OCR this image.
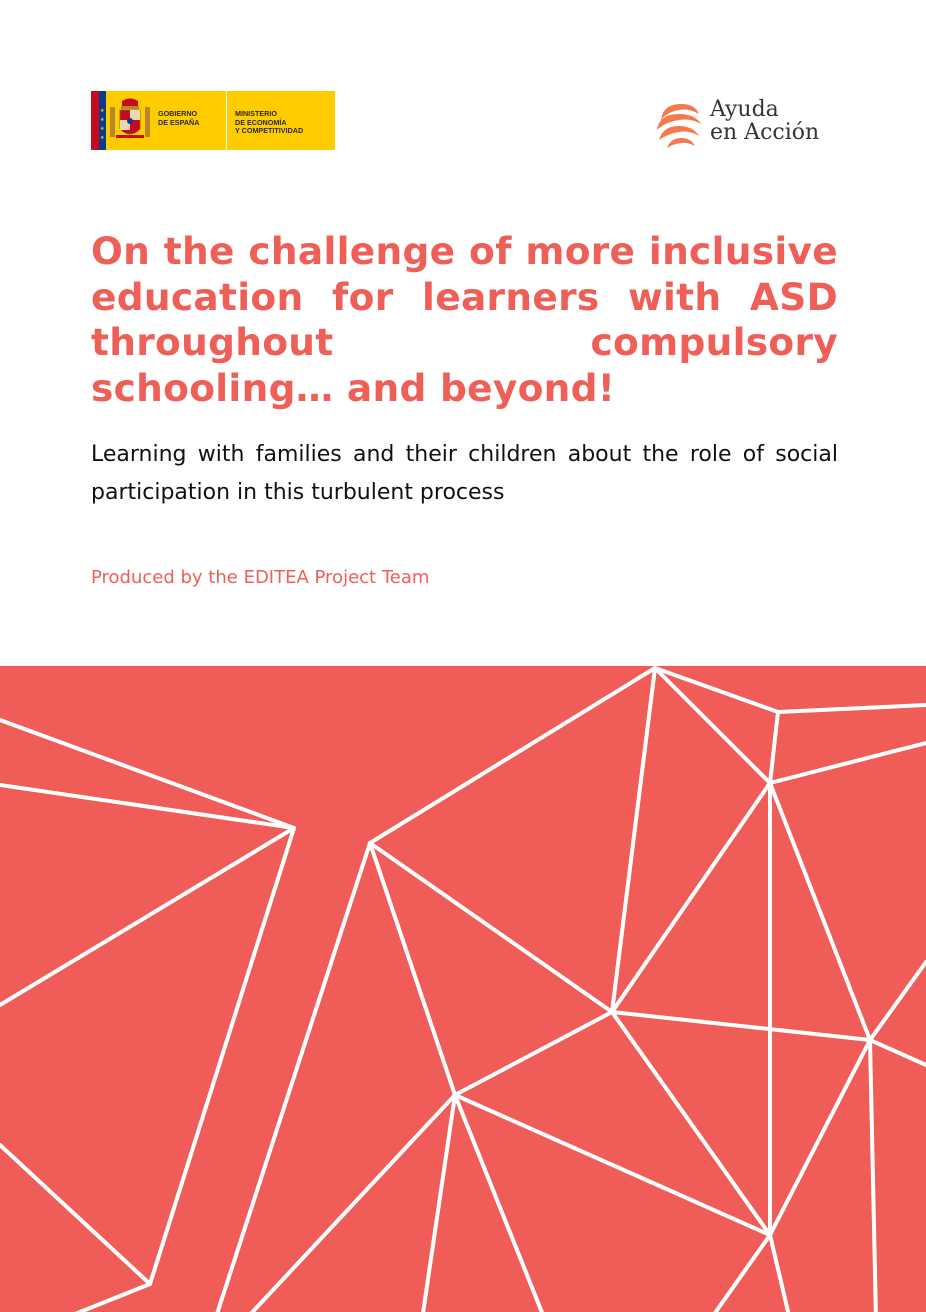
★
★
★
★
GOBIERNO
DE ESPAÑA
MINISTERIO
DE ECONOMÍA
Y COMPETITIVIDAD
Ayuda
en Acción
On the challenge of more inclusive education for learners with ASD throughout compulsory schooling… and beyond!

Learning with families and their children about the role of social participation in this turbulent process

Produced by the EDITEA Project Team
